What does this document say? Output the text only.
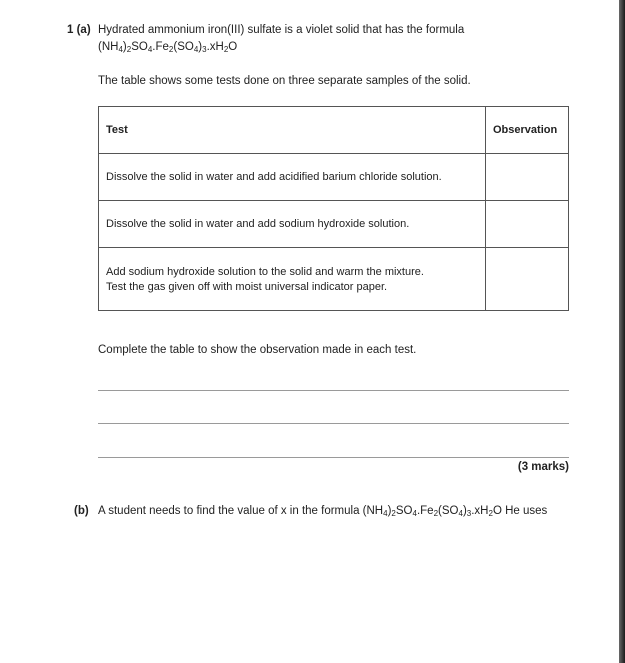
1 (a) Hydrated ammonium iron(III) sulfate is a violet solid that has the formula
$(NH_4)_2SO_4.Fe_2(SO_4)_3.xH_2O$
The table shows some tests done on three separate samples of the solid.
Test	Observation
Dissolve the solid in water and add acidified barium chloride solution.	
Dissolve the solid in water and add sodium hydroxide solution.	

Add sodium hydroxide solution to the solid and warm the mixture.
Test the gas given off with moist universal indicator paper.	

Complete the table to show the observation made in each test.
(3 marks)
(b) A student needs to find the value of x in the formula $(NH_4)_2SO_4.Fe_2(SO_4)_3.xH_2O$ He uses
